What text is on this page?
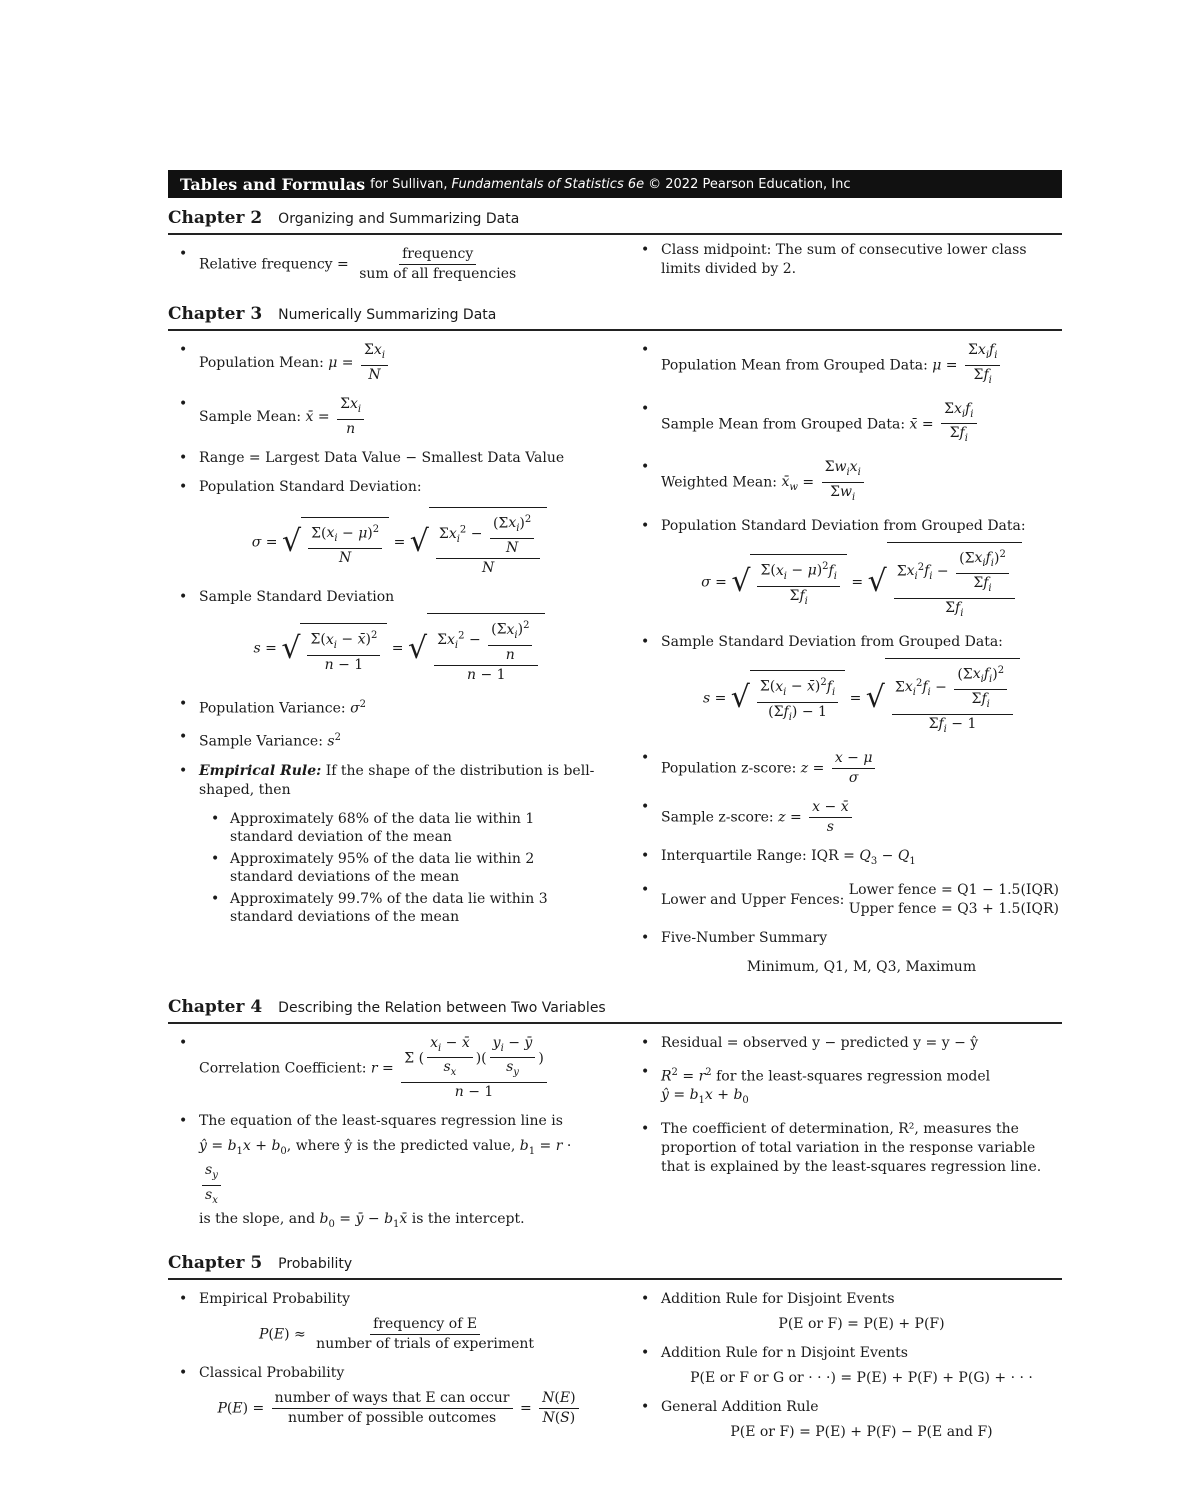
Tables and Formulas for Sullivan, Fundamentals of Statistics 6e © 2022 Pearson Education, Inc
Chapter 2 Organizing and Summarizing Data
• Relative frequency = $\frac{\text{frequency}}{\text{sum of all frequencies}}$
•	Class midpoint: The sum of consecutive lower class limits divided by 2.
Chapter 3 Numerically Summarizing Data
• Population Mean: $\mu = \frac{\Sigma x_i}{N}$
• Sample Mean: x̄ = $\frac{\Sigma x_i}{n}$
• Range = Largest Data Value − Smallest Data Value
• Population Standard Deviation:
σ = √ $\frac{\Sigma(x_i - \mu)^2}{N}$ = √ $\frac{\Sigma x_i^2 - \frac{(\Sigma x_i)^2}{N}}{N}$
• Sample Standard Deviation
s = √ $\frac{\Sigma(x_i - x̄)^2}{n - 1}$ = √ $\frac{\Sigma x_i^2 - \frac{(\Sigma x_i)^2}{n}}{n - 1}$
• Population Variance: $\sigma^2$
• Sample Variance: $s^2$
• Empirical Rule: If the shape of the distribution is bell-shaped, then
• Approximately 68% of the data lie within 1 standard deviation of the mean
• Approximately 95% of the data lie within 2 standard deviations of the mean
• Approximately 99.7% of the data lie within 3 standard deviations of the mean
• Population Mean from Grouped Data: $\mu = \frac{\Sigma x_if_i}{\Sigma f_i}$
• Sample Mean from Grouped Data: x̄ = $\frac{\Sigma x_if_i}{\Sigma f_i}$
• Weighted Mean: $x̄_w = \frac{\Sigma w_ix_i}{\Sigma w_i}$
• Population Standard Deviation from Grouped Data:
σ = √ $\frac{\Sigma(x_i - \mu)^2f_i}{\Sigma f_i}$ = √ $\frac{\Sigma x_i^2f_i - \frac{(\Sigma x_if_i)^2}{\Sigma f_i}}{\Sigma f_i}$
• Sample Standard Deviation from Grouped Data:
s = √ $\frac{\Sigma(x_i - x̄)^2f_i}{(\Sigma f_i) - 1}$ = √ $\frac{\Sigma x_i^2f_i - \frac{(\Sigma x_if_i)^2}{\Sigma f_i}}{\Sigma f_i - 1}$
• Population z-score: $z = \frac{x - \mu}{\sigma}$
• Sample z-score: $z = \frac{x - x̄}{s}$
• Interquartile Range: IQR = $Q_3 - Q_1$
• Lower and Upper Fences: Lower fence = Q1 − 1.5(IQR)
Upper fence = Q3 + 1.5(IQR)
• Five-Number Summary
Minimum, Q1, M, Q3, Maximum
Chapter 4 Describing the Relation between Two Variables
• Correlation Coefficient: $r = \frac{\Sigma ( \frac{x_i - x̄}{s_x} )( \frac{y_i - ȳ}{s_y} )}{n - 1}$
• The equation of the least-squares regression line is
ŷ = $b_1x + b_0$, where ŷ is the predicted value, $b_1 = r$ ·
$\frac{s_y}{s_x}$

is the slope, and $b_0$ = ȳ − $b_1x̄$ is the intercept.
• Residual = observed y − predicted y = y − ŷ
• $R^2 = r^2$ for the least-squares regression model
ŷ = $b_1x + b_0$
• The coefficient of determination, R², measures the proportion of total variation in the response variable that is explained by the least-squares regression line.
Chapter 5 Probability
• Empirical Probability
$P(E) \approx \frac{\text{frequency of E}}{\text{number of trials of experiment}}$
• Classical Probability
$P(E) = \frac{\text{number of ways that E can occur}}{\text{number of possible outcomes}} = \frac{N(E)}{N(S)}$
• Addition Rule for Disjoint Events
P(E or F) = P(E) + P(F)
• Addition Rule for n Disjoint Events
P(E or F or G or · · ·) = P(E) + P(F) + P(G) + · · ·
• General Addition Rule
P(E or F) = P(E) + P(F) − P(E and F)
